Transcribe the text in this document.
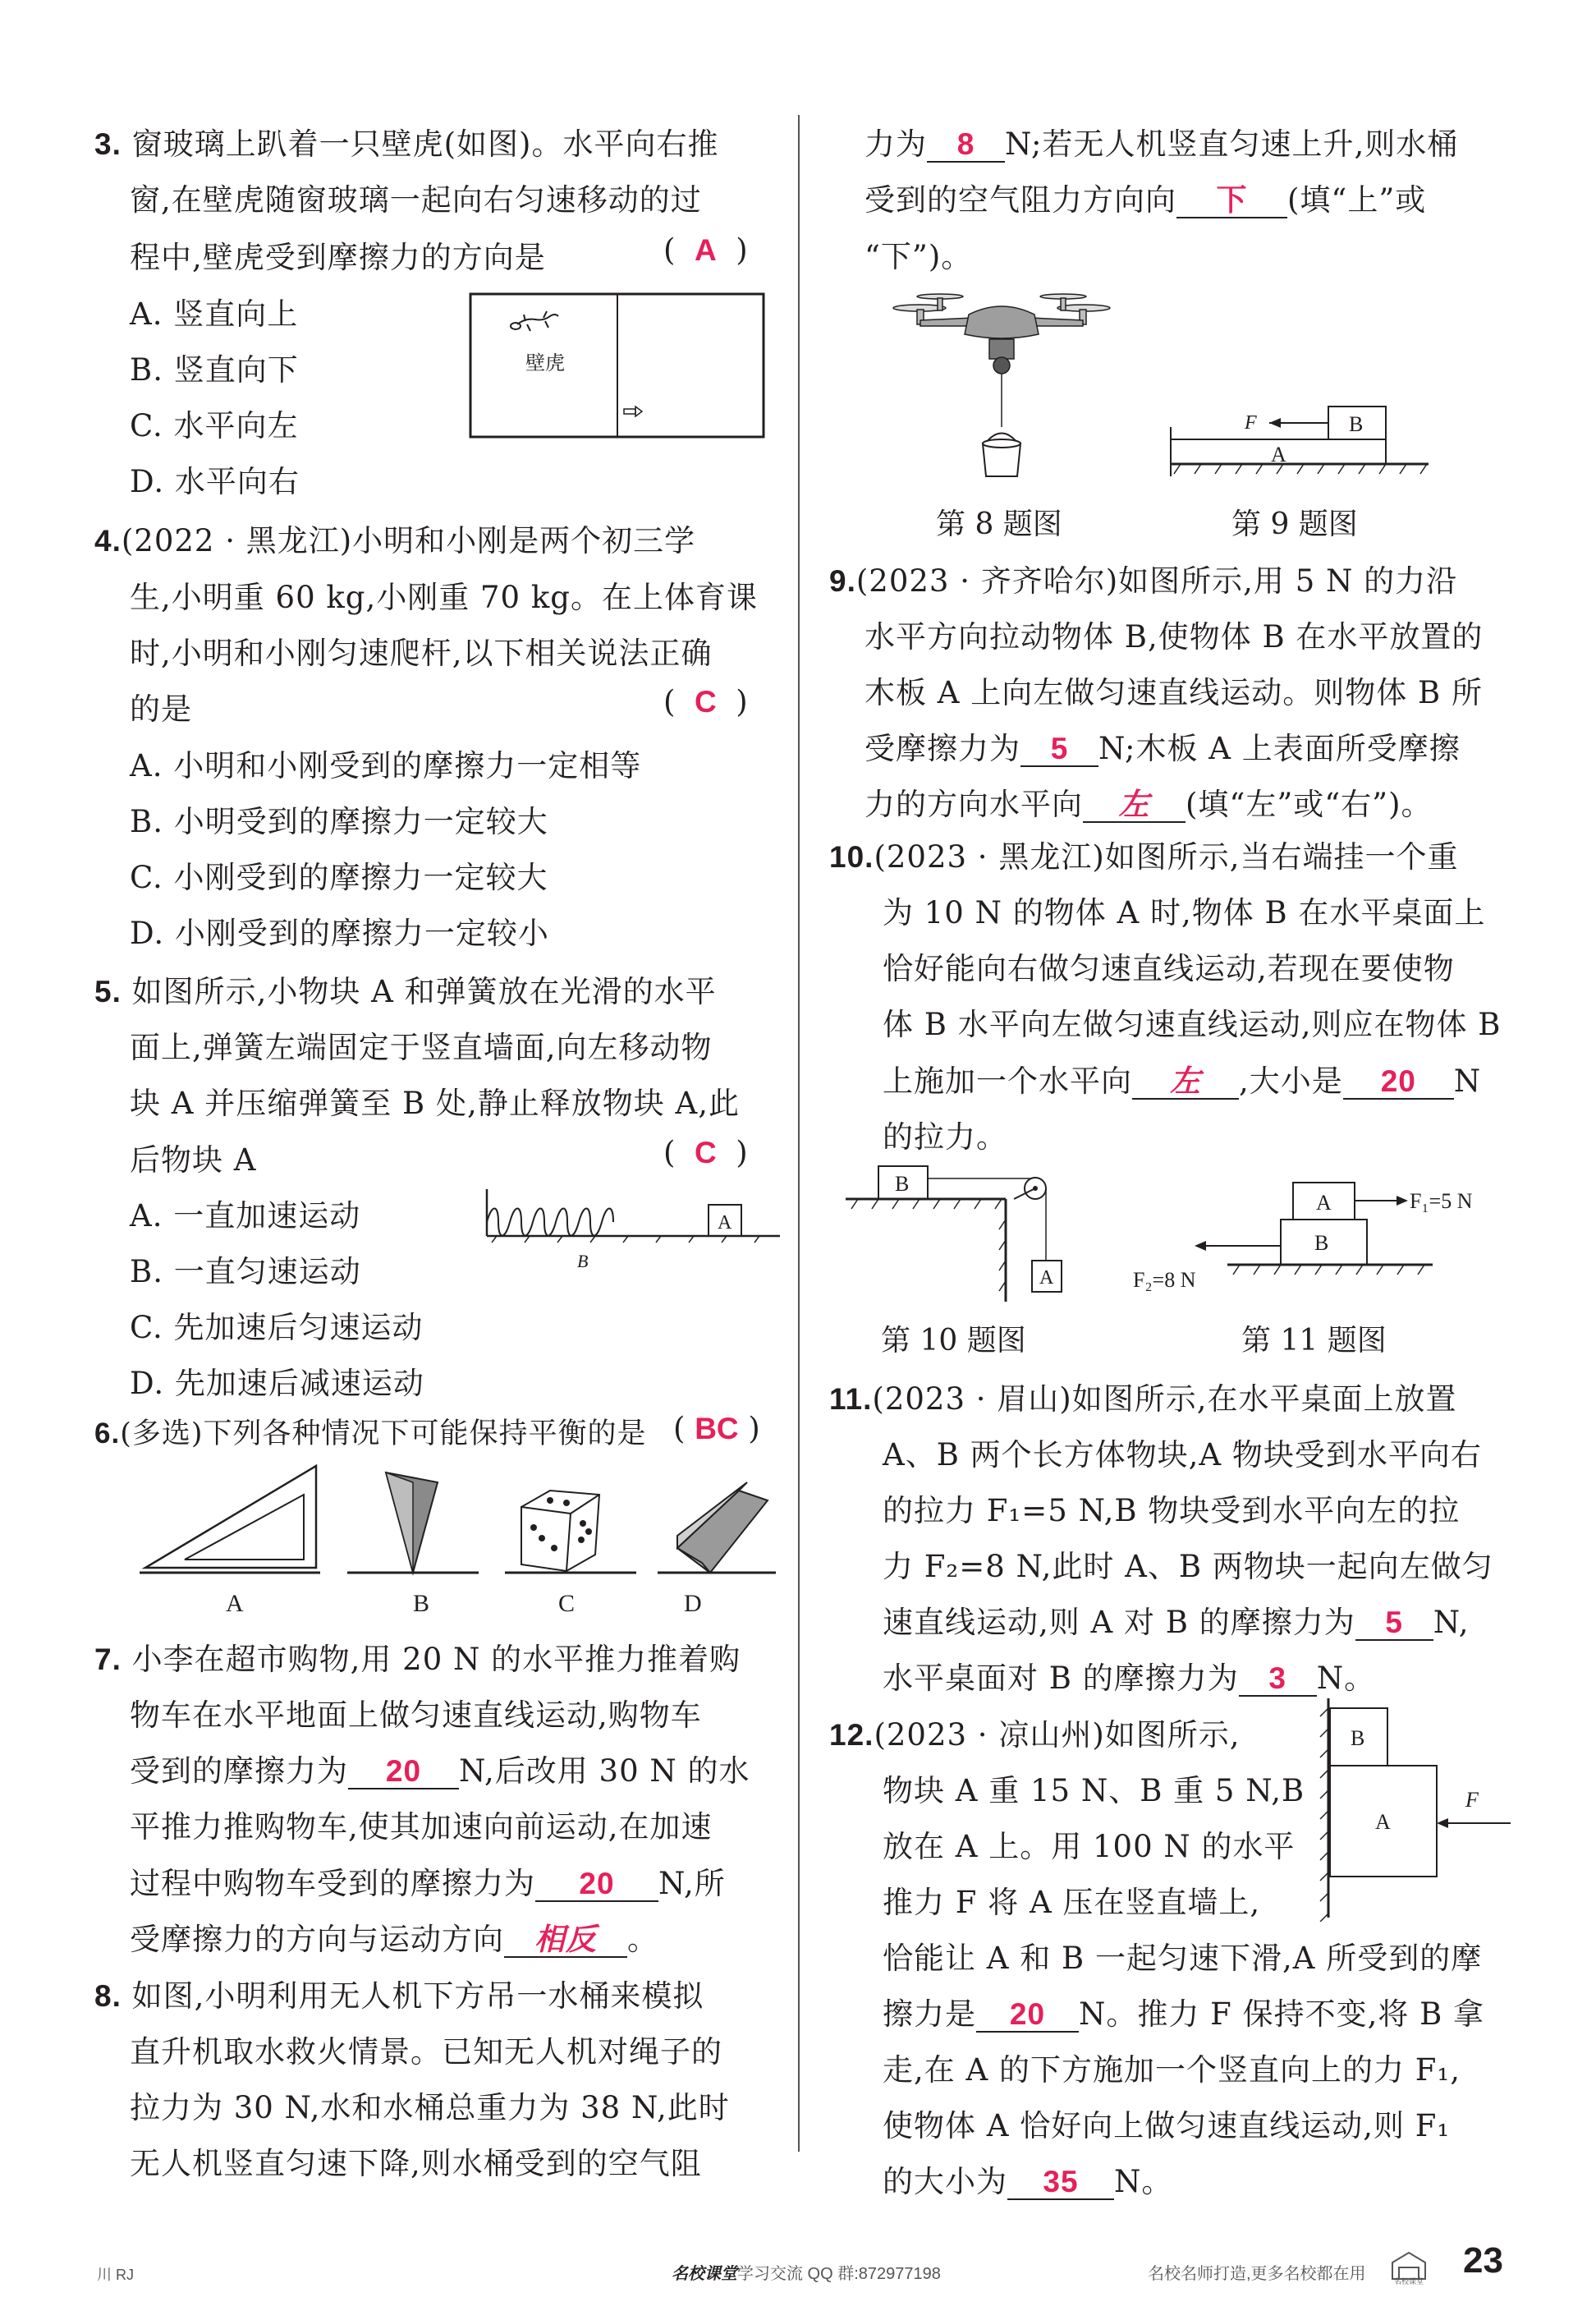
3. 窗玻璃上趴着一只壁虎(如图)。水平向右推
窗,在壁虎随窗玻璃一起向右匀速移动的过
程中,壁虎受到摩擦力的方向是	(  A  )
A. 竖直向上
B. 竖直向下
C. 水平向左
D. 水平向右
壁虎
4.(2022 · 黑龙江)小明和小刚是两个初三学
生,小明重 60 kg,小刚重 70 kg。在上体育课
时,小明和小刚匀速爬杆,以下相关说法正确
的是	(  C  )
A. 小明和小刚受到的摩擦力一定相等
B. 小明受到的摩擦力一定较大
C. 小刚受到的摩擦力一定较大
D. 小刚受到的摩擦力一定较小
5. 如图所示,小物块 A 和弹簧放在光滑的水平
面上,弹簧左端固定于竖直墙面,向左移动物
块 A 并压缩弹簧至 B 处,静止释放物块 A,此
后物块 A	(  C  )
A. 一直加速运动
B. 一直匀速运动
C. 先加速后匀速运动
D. 先加速后减速运动
A
B
6.(多选)下列各种情况下可能保持平衡的是 ( BC )
A	B	C	D
7. 小李在超市购物,用 20 N 的水平推力推着购
物车在水平地面上做匀速直线运动,购物车
受到的摩擦力为 20 N,后改用 30 N 的水
平推力推购物车,使其加速向前运动,在加速
过程中购物车受到的摩擦力为 20 N,所
受摩擦力的方向与运动方向 相反 。
8. 如图,小明利用无人机下方吊一水桶来模拟
直升机取水救火情景。已知无人机对绳子的
拉力为 30 N,水和水桶总重力为 38 N,此时
无人机竖直匀速下降,则水桶受到的空气阻
力为 8 N;若无人机竖直匀速上升,则水桶
受到的空气阻力方向向 下 (填“上”或
“下”)。
B
A
F
第 8 题图	第 9 题图
9.(2023 · 齐齐哈尔)如图所示,用 5 N 的力沿
水平方向拉动物体 B,使物体 B 在水平放置的
木板 A 上向左做匀速直线运动。则物体 B 所
受摩擦力为 5 N;木板 A 上表面所受摩擦
力的方向水平向 左 (填“左”或“右”)。
10.(2023 · 黑龙江)如图所示,当右端挂一个重
为 10 N 的物体 A 时,物体 B 在水平桌面上
恰好能向右做匀速直线运动,若现在要使物
体 B 水平向左做匀速直线运动,则应在物体 B
上施加一个水平向 左 ,大小是 20 N
的拉力。
B
A
A
B
F₁=5 N
F₂=8 N
第 10 题图	第 11 题图
11.(2023 · 眉山)如图所示,在水平桌面上放置
A、B 两个长方体物块,A 物块受到水平向右
的拉力 F₁=5 N,B 物块受到水平向左的拉
力 F₂=8 N,此时 A、B 两物块一起向左做匀
速直线运动,则 A 对 B 的摩擦力为 5 N,
水平桌面对 B 的摩擦力为 3 N。
12.(2023 · 凉山州)如图所示,
物块 A 重 15 N、B 重 5 N,B
放在 A 上。用 100 N 的水平
推力 F 将 A 压在竖直墙上,
恰能让 A 和 B 一起匀速下滑,A 所受到的摩
擦力是 20 N。推力 F 保持不变,将 B 拿
走,在 A 的下方施加一个竖直向上的力 F₁,
使物体 A 恰好向上做匀速直线运动,则 F₁
的大小为 35 N。
B
A
F
川 RJ	名校课堂学习交流 QQ 群:872977198	名校名师打造,更多名校都在用	名校课堂
23
